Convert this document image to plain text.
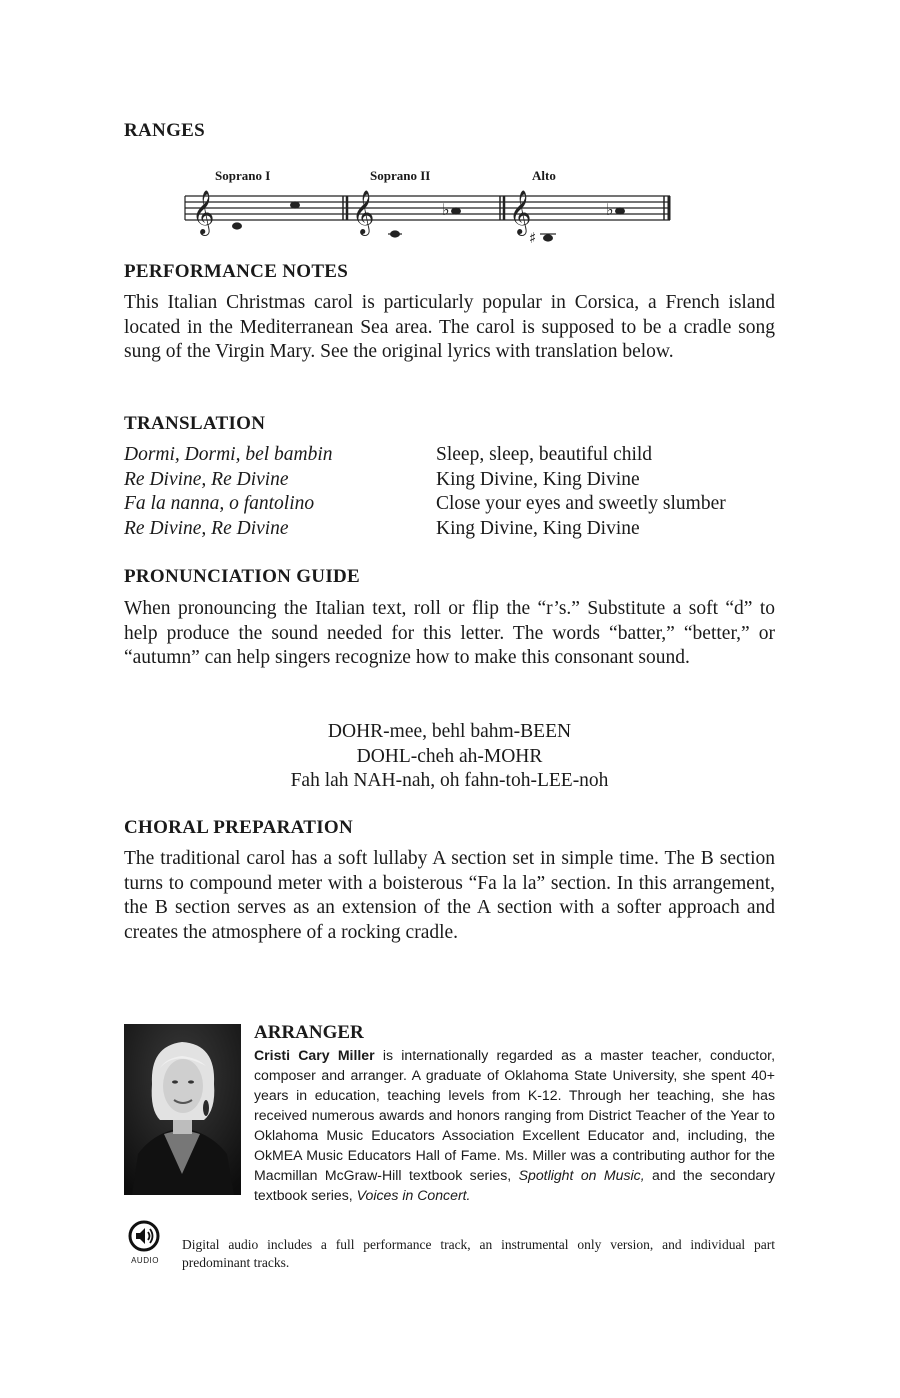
RANGES
𝄞	𝄞	𝄞
♭
♯
♭
Soprano I	Soprano II	Alto
PERFORMANCE NOTES
This Italian Christmas carol is particularly popular in Corsica, a French island located in the Mediterranean Sea area. The carol is supposed to be a cradle song sung of the Virgin Mary. See the original lyrics with translation below.
TRANSLATION
Dormi, Dormi, bel bambin	Sleep, sleep, beautiful child
Re Divine, Re Divine	King Divine, King Divine
Fa la nanna, o fantolino	Close your eyes and sweetly slumber
Re Divine, Re Divine	King Divine, King Divine
PRONUNCIATION GUIDE
When pronouncing the Italian text, roll or flip the “r’s.” Substitute a soft “d” to help produce the sound needed for this letter. The words “batter,” “better,” or “autumn” can help singers recognize how to make this consonant sound.
DOHR-mee, behl bahm-BEEN
DOHL-cheh ah-MOHR
Fah lah NAH-nah, oh fahn-toh-LEE-noh
CHORAL PREPARATION
The traditional carol has a soft lullaby A section set in simple time. The B section turns to compound meter with a boisterous “Fa la la” section. In this arrangement, the B section serves as an extension of the A section with a softer approach and creates the atmosphere of a rocking cradle.
ARRANGER
Cristi Cary Miller is internationally regarded as a master teacher, conductor, composer and arranger. A graduate of Oklahoma State University, she spent 40+ years in education, teaching levels from K-12. Through her teaching, she has received numerous awards and honors ranging from District Teacher of the Year to Oklahoma Music Educators Association Excellent Educator and, including, the OkMEA Music Educators Hall of Fame. Ms. Miller was a contributing author for the Macmillan McGraw-Hill textbook series, Spotlight on Music, and the secondary textbook series, Voices in Concert.
AUDIO
Digital audio includes a full performance track, an instrumental only version, and individual part predominant tracks.
